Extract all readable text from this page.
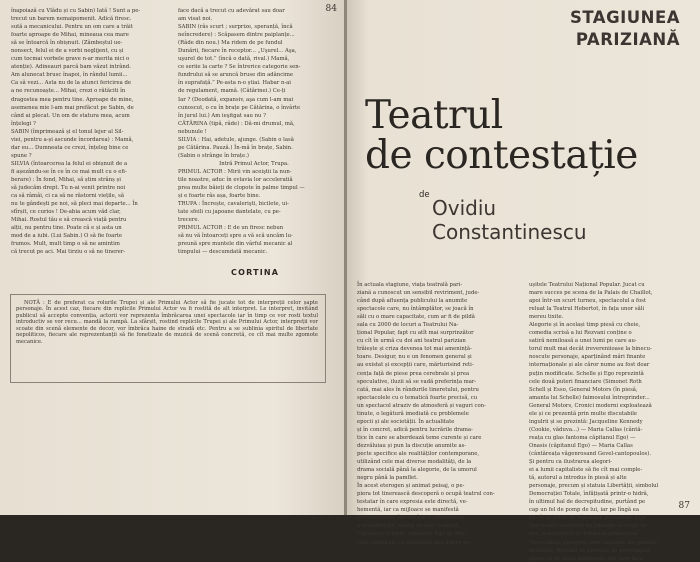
84

înapoiază cu Vlădu și cu Sabin) Iată ! Sunt a pe-

trecut un barem nemaipomenit. Adică firesc.

sută a mecanicului. Pentru un om care a trăit

foarte aproape de Mihai, mineaua cea mare

să se întoarcă în obișnuit. (Zâmbeștul ue-

nonsect, felul ei de a vorbi neglijent, cu și

cum tocmai vorbele grave n-ar merita nici o

atenție). Adineauri parcă bam văzut intrând.

Am alunecat brusc înapoi, în rândul lumii...

Ca să vezi... Asta nu de la atunci fericirea de

a ne recunoaște... Mihai, crezi o rătăciti în

dragostea mea pentru tine. Aproape de mine,

asemenea mie l-am mai prefăcut pe Sabin, de

când ai plecat. Un om de statura mea, acum

înțelegi ?

SABIN (împrimează și el tonul lejer al Sil-

viei, pentru a-și ascunde încordarea) : Mamă,

dar eu... Dumneata ce crezi, înțeleg bine ce

spune ?

SILVIA (întoarcerea la felul ei obișnuit de a

fi așezându-se în ce în ce mai mult cu o efi-

berare) : În fond, Mihai, să știm strânș și

să judecăm drept. Tu n-ai venit printre noi

ca să râmâi, ci ca să ne răstorni viețile, să

nu te gândești pe noi, să pleci mai departe... În

sfîrșit, ce curios ! De-abia acum văd clar,

Mihai. Rostul tău e să crească viață pentru

alții, nu pentru tine. Poate că e și asta un

mod de a iubi. (Lui Sabin.) O să fie foarte

frumos. Mult, mult timp o să ne amintim

că trecut pe aci. Mai tirziu o să ne tinerer-

face dacă a trecut cu adevărat sau doar

am visat noi.

SABIN (râs scurt ; surprize, speranță, încă

neîncredere) : Scăpasem dintre paiplanțe...

(Râde din nou.) Ma ridem de pe fundul

Dunării, fiecare în receptor... „Uşurel... Aşa,

uşurel de tot.” (încă o dată, rival.) Mamă,

ce seriie la carte ? Se întrerice categorie sen-

fundrului să se aruncă bruse din adăncime

în suprafață.” Pe-asta n-o știai. Habar n-ai

de regulament, mamă. (Cătărinei.) Ce-ți

Iar ? (Deodată, expansiv, aşa cum l-am mai

cunoscut, o cu în brațe pe Cătărina, o învârte

în jurul lui.) Am ieşitgat sau nu ?

CĂTĂRINA (tipă, râde) : Dă-mi drumul, mă,

nebunule !

SILVIA : Hai, adetule, ajunge. (Sabin o lasă

pe Cătărina. Pauză.) În-mă în brațe, Sabin.

(Sabin o strânge în brațe.)

Intră Primul Actor, Trupa.

PRIMUL ACTOR : Mirii vin aceiştii la nun-

tile noastre, aduc în evlavia lor acceleratiă

prea multe băieți de clopote în palme timpul —

și e foarte râs așa, foarte bine.

TRUPA : Încrește, cavalerişti, bicilete, ui-

tate sfeili cu japoane dantelate, cu pe-

trecere.

PRIMUL ACTOR : E de un firesc nebun

să nu vă întoarceți spre a vă scă uncăm lu-

preună spre muntele din vârful mecanic al

timpului — descumdată mecanic.

CORTINA

NOTĂ : E de preferat ca rolurile Trupei și ale Primului Actor să fie jucate tot de interpreții celor șapte personaje. În acest caz, fiecare din replicile Primului Actor va fi rostită de alt interpret. Le interpret, invitând publicul să accepte convenția, actorii vor reprezenta îmbrăcarea unei spectacole iar în timp ce vor rosti textul introductiv se vor recu... mandă la rampă. La sfârșit, rostind replicile Trupei și ale Primului Actor, interpreții vor scoate din scenă elemente de decor, vor îmbrăca haine de stradă etc. Pentru a se sublinia spiritul de libertate nepoliticos, fiecare ale reprezentanții să fie fonetizate de muzică de scenă concretă, ce cît mai multe zgomote mecanice.

STAGIUNEA
PARIZIANĂ
Teatrul
de contestație
de
Ovidiu
Constantinescu

În actuala stagiune, viața teatrală pari-

ziană a cunoscut un sensibil reviriment, jude-

când după afluența publicului la anumite

spectacole care, nu întâmplător, se joacă în

săli cu o mare capacitate, cum ar fi de pildă

sala cu 2000 de locuri a Teatrului Na-

țional Popular, fapt cu atît mai surprinzător

cu cît în urmă cu doi ani teatrul parizian

trăiește și criza devenea tot mai amenință-

toare. Desigur, nu e un fenomen general și

au existat și excepții care, mărturisind reti-

cența față de piese prea cerebrale și prea

speculative, iluzii să se vadă preferința mar-

cată, mai ales în rândurile tineretului, pentru

spectacolele cu o tematică foarte precisă, cu

un spectacol atraziv de atmosferă și vaguri con-

tinute, o legătură imediată cu problemele

epocii și ale societății. În actualitate

și în concret, adică pentru lucrările drama-

tice în care se abordează teme curente și care

dezvăluiau și pun la discuție anumite as-

pecte specifice ale realităților contemporane,

utilizând cele mai diverse modalități, de la

drama socială până la alegorie, de la umorul

negru până la pamflet.

În acest eterogen și animat peisaj, o pe-

piera tot tinerească descoperă o ocupă teatrul con-

testatar în care expresia este directă, ve-

hementă, iar ca mijloace se manifestă

convenționale, înfruntând o șablonizare

a sensibilității, modal de atac concret.

Căpitanul Schelle, căpitanul Ego de Rez-

vani constituie cu siguranță una dintre re-

ușitele Teatrului Național Popular. Jucat cu

mare succes pe scena de la Palais de Chaillot,

apoi într-un scurt turneu, spectacolul a fost

reluat la Teatrul Hebertot, în fața unor săli

mereu tixite.

Alegorie și în același timp piesă cu cheie,

comedia scrisă a lui Rezvani conține o

satiră nemiloasă a unei lumi pe care au-

torul mult mai decât irevereniioase la binecu-

noscute personaje, aparținând mări finante

internaționale și ale căror nume au fost doar

puțin modificate. Schelle și Ego reprezintă

cele două puteri financiare (Simonet Roth

Schell și Esso, General Motors (în piesă,

amanta lui Schelle) faimosului întreprinder...

General Motors, Cronici moderni exploatează

ele și ce prezentă prin multe discutabile

ingulrii și se prezintă: Jacqueline Kennedy

(Cookie, văduva...) — Maria Callas (cântă-

reața cu glas fantoma căpitanul Ego) —

Onasis (căpitanul Ego) — Maria Callas

(cântăreața văgenrosand Gevel-cantopoulos).

Și pentru ca ilustrarea alegori-

ei a lumii capitaliste să fie cît mai comple-

tă, autorul a introdus în piesă și alte

personaje, precum și statuia Libertății, simbolul

Democrației Totale, înfățișată printr-o hidră,

în ultimul hal de decrepitudine, purtând pe

cap un fel de pomp de lui, iar pe lîngă ea

pe cît se rotile de răposatul președinte Jojo.

Sarcasmul autorului nu înțelege să cruțe ni-

mic, o ostentație ce frânează prăbușirea.

Necesitatea spargerii unor canoane ale genului

dramatic, Rezvani se servește de personajele

piesei ce de niște marionete, din care face

87
